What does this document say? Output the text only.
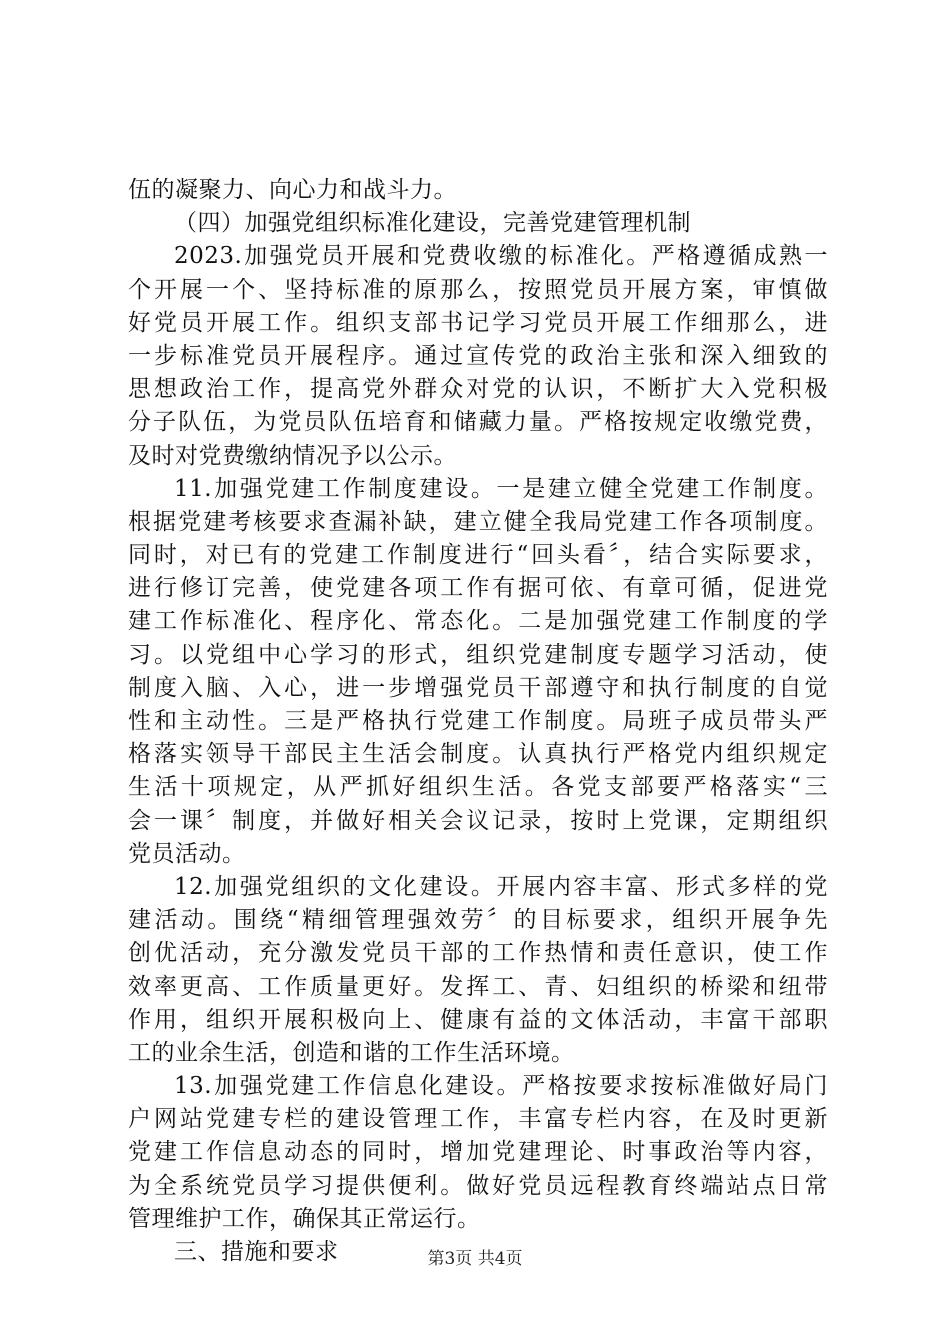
伍的凝聚力、向心力和战斗力。
（四）加强党组织标准化建设，完善党建管理机制
2023.加强党员开展和党费收缴的标准化。严格遵循成熟一
个开展一个、坚持标准的原那么，按照党员开展方案，审慎做
好党员开展工作。组织支部书记学习党员开展工作细那么，进
一步标准党员开展程序。通过宣传党的政治主张和深入细致的
思想政治工作，提高党外群众对党的认识，不断扩大入党积极
分子队伍，为党员队伍培育和储藏力量。严格按规定收缴党费，
及时对党费缴纳情况予以公示。
11.加强党建工作制度建设。一是建立健全党建工作制度。
根据党建考核要求查漏补缺，建立健全我局党建工作各项制度。
同时，对已有的党建工作制度进行“回头看〞，结合实际要求，
进行修订完善，使党建各项工作有据可依、有章可循，促进党
建工作标准化、程序化、常态化。二是加强党建工作制度的学
习。以党组中心学习的形式，组织党建制度专题学习活动，使
制度入脑、入心，进一步增强党员干部遵守和执行制度的自觉
性和主动性。三是严格执行党建工作制度。局班子成员带头严
格落实领导干部民主生活会制度。认真执行严格党内组织规定
生活十项规定，从严抓好组织生活。各党支部要严格落实“三
会一课〞制度，并做好相关会议记录，按时上党课，定期组织
党员活动。
12.加强党组织的文化建设。开展内容丰富、形式多样的党
建活动。围绕“精细管理强效劳〞的目标要求，组织开展争先
创优活动，充分激发党员干部的工作热情和责任意识，使工作
效率更高、工作质量更好。发挥工、青、妇组织的桥梁和纽带
作用，组织开展积极向上、健康有益的文体活动，丰富干部职
工的业余生活，创造和谐的工作生活环境。
13.加强党建工作信息化建设。严格按要求按标准做好局门
户网站党建专栏的建设管理工作，丰富专栏内容，在及时更新
党建工作信息动态的同时，增加党建理论、时事政治等内容，
为全系统党员学习提供便利。做好党员远程教育终端站点日常
管理维护工作，确保其正常运行。
三、措施和要求	第3页 共4页
